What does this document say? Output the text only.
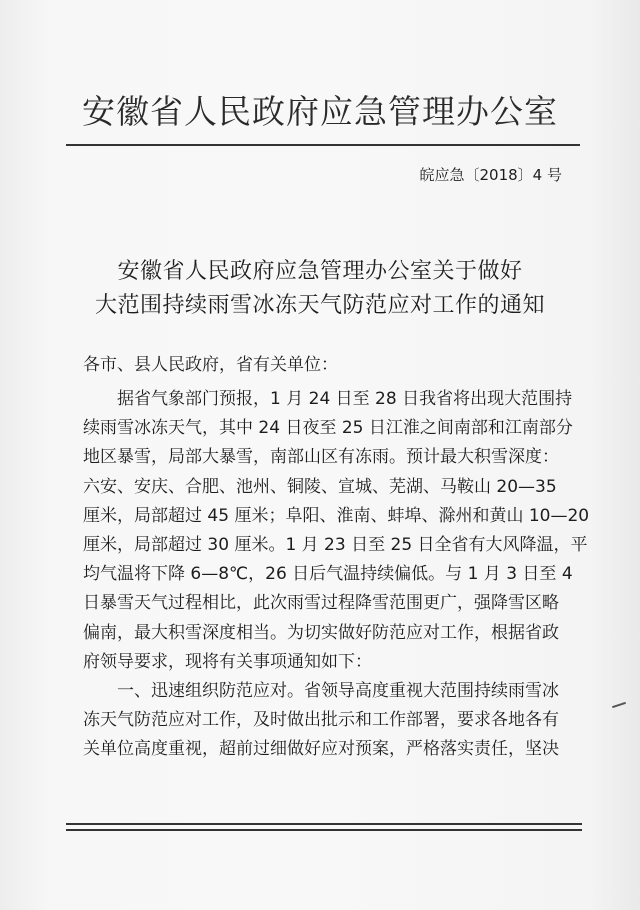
安徽省人民政府应急管理办公室
皖应急〔2018〕4 号
安徽省人民政府应急管理办公室关于做好
大范围持续雨雪冰冻天气防范应对工作的通知
各市、县人民政府，省有关单位：
　　据省气象部门预报，1 月 24 日至 28 日我省将出现大范围持
续雨雪冰冻天气，其中 24 日夜至 25 日江淮之间南部和江南部分
地区暴雪，局部大暴雪，南部山区有冻雨。预计最大积雪深度：
六安、安庆、合肥、池州、铜陵、宣城、芜湖、马鞍山 20—35
厘米，局部超过 45 厘米；阜阳、淮南、蚌埠、滁州和黄山 10—20
厘米，局部超过 30 厘米。1 月 23 日至 25 日全省有大风降温，平
均气温将下降 6—8℃，26 日后气温持续偏低。与 1 月 3 日至 4
日暴雪天气过程相比，此次雨雪过程降雪范围更广，强降雪区略
偏南，最大积雪深度相当。为切实做好防范应对工作，根据省政
府领导要求，现将有关事项通知如下：
　　一、迅速组织防范应对。省领导高度重视大范围持续雨雪冰
冻天气防范应对工作，及时做出批示和工作部署，要求各地各有
关单位高度重视，超前过细做好应对预案，严格落实责任，坚决
